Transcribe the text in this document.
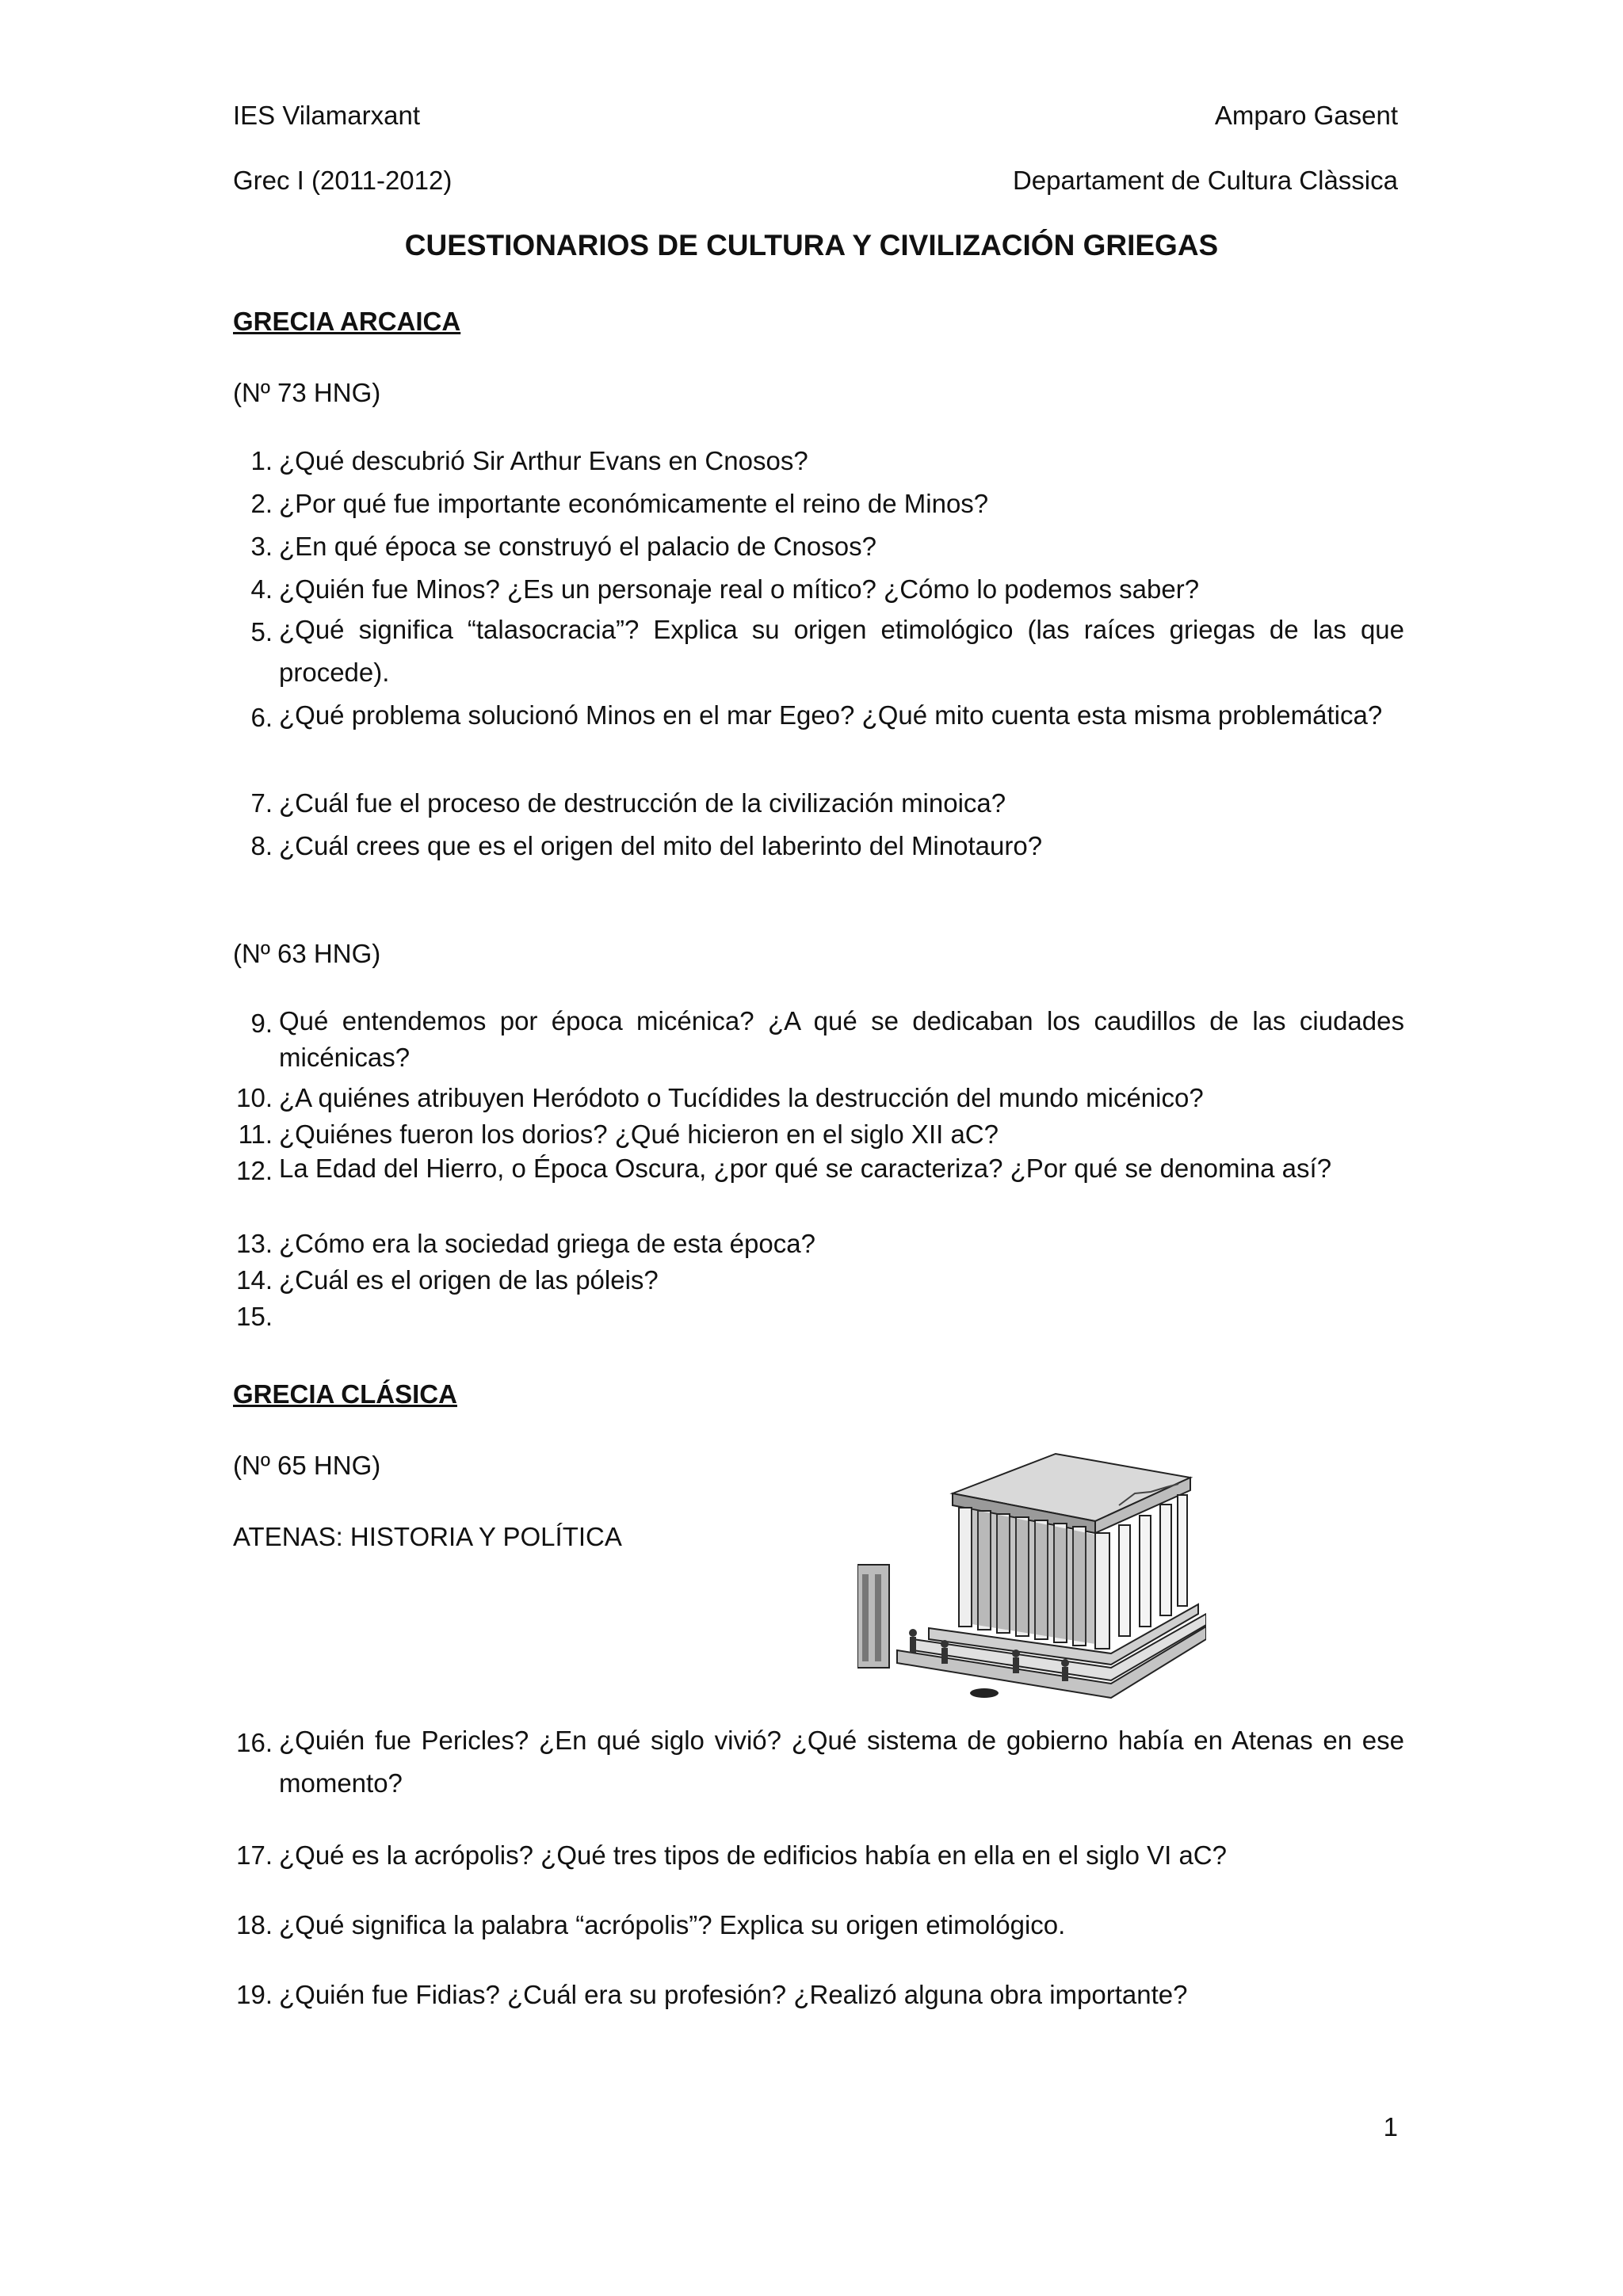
IES Vilamarxant	Amparo Gasent
Grec I (2011-2012)	Departament de Cultura Clàssica
CUESTIONARIOS DE CULTURA Y CIVILIZACIÓN GRIEGAS
GRECIA ARCAICA
(Nº 73 HNG)
1. ¿Qué descubrió Sir Arthur Evans en Cnosos?
2. ¿Por qué fue importante económicamente el reino de Minos?
3. ¿En qué época se construyó el palacio de Cnosos?
4. ¿Quién fue Minos? ¿Es un personaje real o mítico? ¿Cómo lo podemos saber?
5. ¿Qué significa “talasocracia”? Explica su origen etimológico (las raíces griegas de las que procede).
6. ¿Qué problema solucionó Minos en el mar Egeo? ¿Qué mito cuenta esta misma problemática?
7. ¿Cuál fue el proceso de destrucción de la civilización minoica?
8. ¿Cuál crees que es el origen del mito del laberinto del Minotauro?
(Nº 63 HNG)
9. Qué entendemos por época micénica? ¿A qué se dedicaban los caudillos de las ciudades micénicas?
10. ¿A quiénes atribuyen Heródoto o Tucídides la destrucción del mundo micénico?
11. ¿Quiénes fueron los dorios? ¿Qué hicieron en el siglo XII aC?
12. La Edad del Hierro, o Época Oscura, ¿por qué se caracteriza? ¿Por qué se denomina así?
13. ¿Cómo era la sociedad griega de esta época?
14. ¿Cuál es el origen de las póleis?
15.
GRECIA CLÁSICA
(Nº 65 HNG)
ATENAS: HISTORIA Y POLÍTICA
16. ¿Quién fue Pericles? ¿En qué siglo vivió? ¿Qué sistema de gobierno había en Atenas en ese momento?
17. ¿Qué es la acrópolis? ¿Qué tres tipos de edificios había en ella en el siglo VI aC?
18. ¿Qué significa la palabra “acrópolis”? Explica su origen etimológico.
19. ¿Quién fue Fidias? ¿Cuál era su profesión? ¿Realizó alguna obra importante?
1
